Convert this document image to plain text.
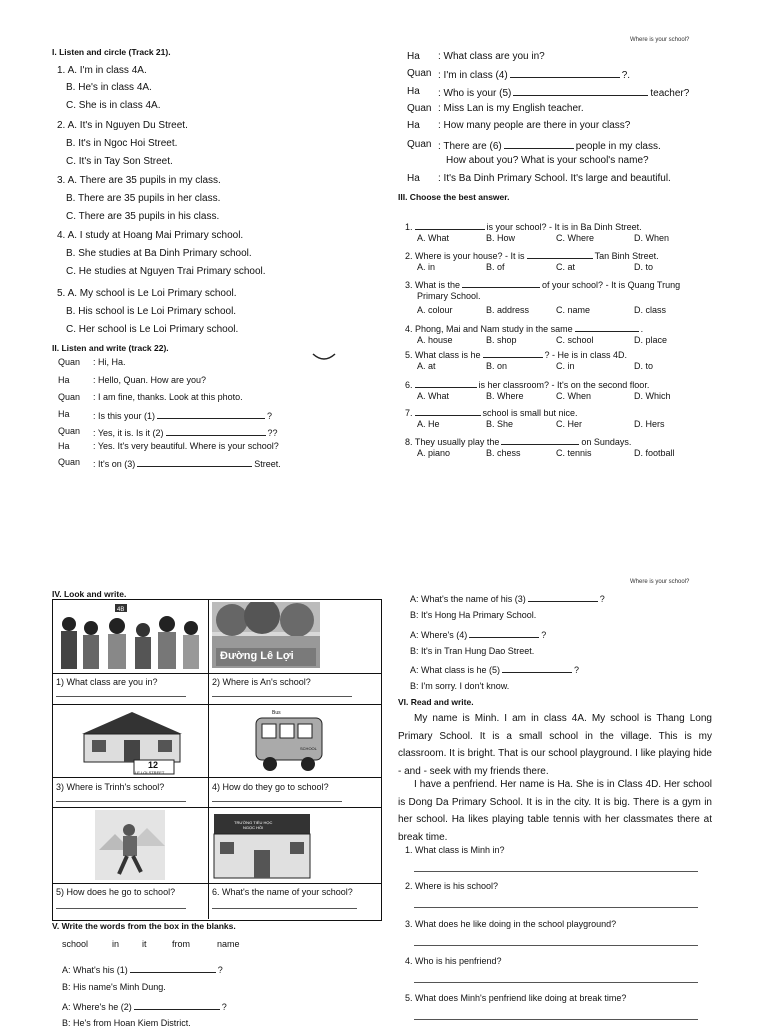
Where is your school?
I. Listen and circle (Track 21).
1. A. I'm in class 4A.
B. He's in class 4A.
C. She is in class 4A.
2. A. It's in Nguyen Du Street.
B. It's in Ngoc Hoi Street.
C. It's in Tay Son Street.
3. A. There are 35 pupils in my class.
B. There are 35 pupils in her class.
C. There are 35 pupils in his class.
4. A. I study at Hoang Mai Primary school.
B. She studies at Ba Dinh Primary school.
C. He studies at Nguyen Trai Primary school.
5. A. My school is Le Loi Primary school.
B. His school is Le Loi Primary school.
C. Her school is Le Loi Primary school.
II. Listen and write (track 22).
Quan : Hi, Ha.
Ha	: Hello, Quan. How are you?
Quan : I am fine, thanks. Look at this photo.
Ha	: Is this your (1)	?
Quan : Yes, it is. Is it (2)	??
Ha	: Yes. It's very beautiful. Where is your school?
Quan : It's on (3)	Street.
Ha : What class are you in?
Quan : I'm in class (4)	?.
Ha : Who is your (5)	teacher?
Quan : Miss Lan is my English teacher.
Ha : How many people are there in your class?
Quan : There are (6)	people in my class.
How about you? What is your school's name?
Ha : It's Ba Dinh Primary School. It's large and beautiful.
III. Choose the best answer.
1.	is your school? - It is in Ba Dinh Street.
A. What	B. How	C. Where	D. When
2. Where is your house? - It is	Tan Binh Street.
A. in	B. of	C. at	D. to
3. What is the	of your school? - It is Quang Trung
Primary School.
A. colour	B. address	C. name	D. class
4. Phong, Mai and Nam study in the same	.
A. house	B. shop	C. school	D. place
5. What class is he	? - He is in class 4D.
A. at	B. on	C. in	D. to
6.	is her classroom? - It's on the second floor.
A. What	B. Where	C. When	D. Which
7.	school is small but nice.
A. He	B. She	C. Her	D. Hers
8. They usually play the	on Sundays.
A. piano	B. chess	C. tennis	D. football
Where is your school?
IV. Look and write.
4B
Đường Lê Lợi
SCHOOL
12
LE LOI STREET
Bus
SCHOOL
TRƯỜNG TIỂU HỌC
NGỌC HỒI
1) What class are you in?	2) Where is An's school?
3) Where is Trinh's school?	4) How do they go to school?
5) How does he go to school?	6. What's the name of your school?
V. Write the words from the box in the blanks.
school	in	it	from	name
A: What's his (1)	?
B: His name's Minh Dung.
A: Where's he (2)	?
B: He's from Hoan Kiem District.
A: What's the name of his (3)	?
B: It's Hong Ha Primary School.
A: Where's (4)	?
B: It's in Tran Hung Dao Street.
A: What class is he (5)	?
B: I'm sorry. I don't know.
VI. Read and write.
My name is Minh. I am in class 4A. My school is Thang Long Primary School. It is a small school in the village. This is my classroom. It is bright. That is our school playground. I like playing hide - and - seek with my friends there.
I have a penfriend. Her name is Ha. She is in Class 4D. Her school is Dong Da Primary School. It is in the city. It is big. There is a gym in her school. Ha likes playing table tennis with her classmates there at break time.
1. What class is Minh in?
2. Where is his school?
3. What does he like doing in the school playground?
4. Who is his penfriend?
5. What does Minh's penfriend like doing at break time?
